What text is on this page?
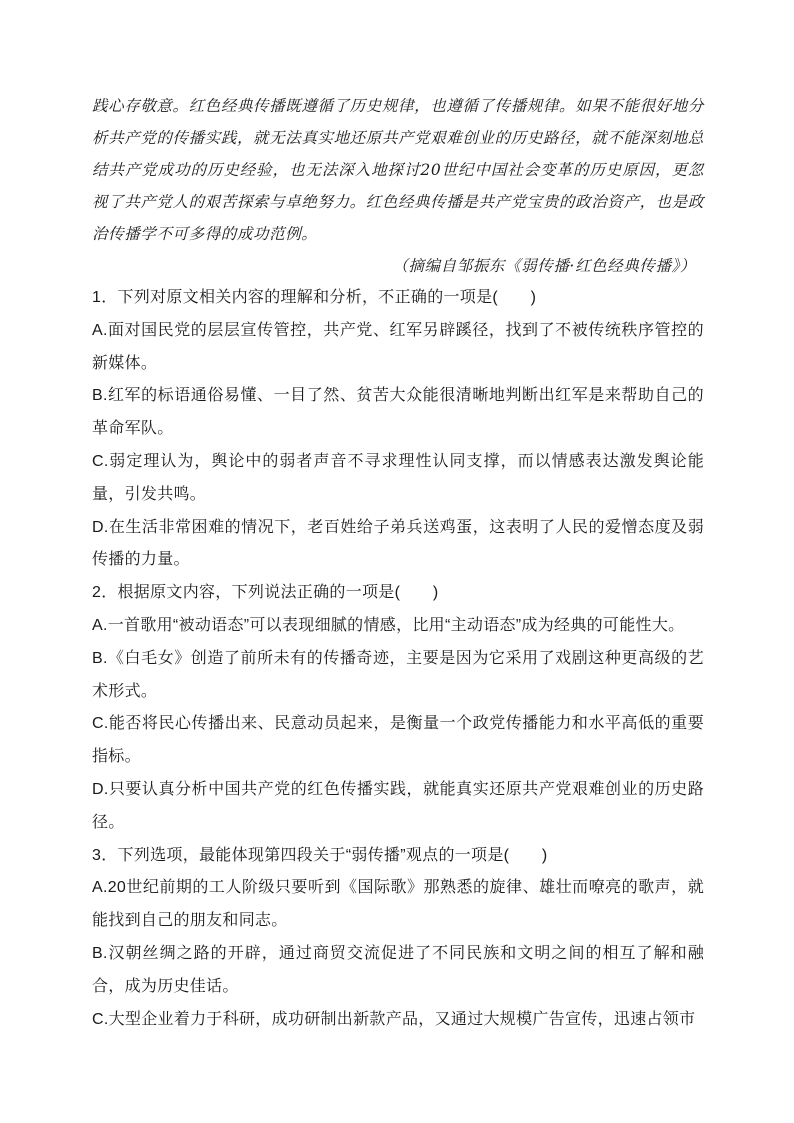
践心存敬意。红色经典传播既遵循了历史规律，也遵循了传播规律。如果不能很好地分析共产党的传播实践，就无法真实地还原共产党艰难创业的历史路径，就不能深刻地总结共产党成功的历史经验，也无法深入地探讨20世纪中国社会变革的历史原因，更忽视了共产党人的艰苦探索与卓绝努力。红色经典传播是共产党宝贵的政治资产，也是政治传播学不可多得的成功范例。

（摘编自邹振东《弱传播·红色经典传播》）

1．下列对原文相关内容的理解和分析，不正确的一项是(　　)
A.面对国民党的层层宣传管控，共产党、红军另辟蹊径，找到了不被传统秩序管控的新媒体。
B.红军的标语通俗易懂、一目了然、贫苦大众能很清晰地判断出红军是来帮助自己的革命军队。
C.弱定理认为，舆论中的弱者声音不寻求理性认同支撑，而以情感表达激发舆论能量，引发共鸣。
D.在生活非常困难的情况下，老百姓给子弟兵送鸡蛋，这表明了人民的爱憎态度及弱传播的力量。
2．根据原文内容，下列说法正确的一项是(　　)
A.一首歌用“被动语态”可以表现细腻的情感，比用“主动语态”成为经典的可能性大。
B.《白毛女》创造了前所未有的传播奇迹，主要是因为它采用了戏剧这种更高级的艺术形式。
C.能否将民心传播出来、民意动员起来，是衡量一个政党传播能力和水平高低的重要指标。
D.只要认真分析中国共产党的红色传播实践，就能真实还原共产党艰难创业的历史路径。
3．下列选项，最能体现第四段关于“弱传播”观点的一项是(　　)
A.20世纪前期的工人阶级只要听到《国际歌》那熟悉的旋律、雄壮而嘹亮的歌声，就能找到自己的朋友和同志。
B.汉朝丝绸之路的开辟，通过商贸交流促进了不同民族和文明之间的相互了解和融合，成为历史佳话。
C.大型企业着力于科研，成功研制出新款产品，又通过大规模广告宣传，迅速占领市
